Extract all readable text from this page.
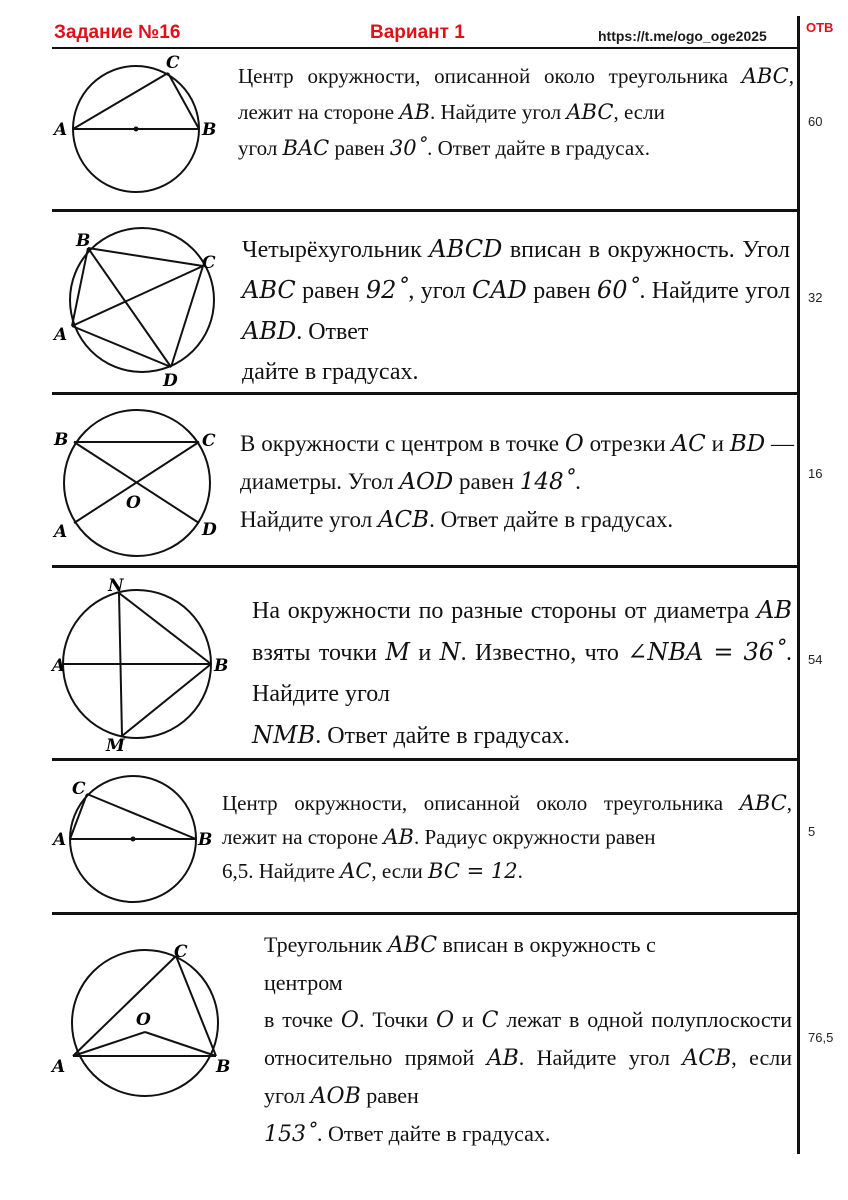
Задание №16	Вариант 1	https://t.me/ogo_oge2025
ОТВ
A	B
C

Центр окружности, описанной около треугольника ABC, лежит на стороне AB. Найдите угол ABC, если

угол BAC равен 30˚. Ответ дайте в градусах.

60
B
C
A
D

Четырёхугольник ABCD вписан в окружность. Угол ABC равен 92˚, угол CAD равен 60˚. Найдите угол ABD. Ответ

дайте в градусах.

32
B	C
A	D
O

В окружности с центром в точке O отрезки AC и BD — диаметры. Угол AOD равен 148˚.

Найдите угол ACB. Ответ дайте в градусах.

16
N
A	B
M

На окружности по разные стороны от диаметра AB взяты точки M и N. Известно, что ∠NBA = 36˚. Найдите угол

NMB. Ответ дайте в градусах.

54
C
A	B

Центр окружности, описанной около треугольника ABC, лежит на стороне AB. Радиус окружности равен

6,5. Найдите AC, если BC = 12.

5
C
O
A	B

Треугольник ABC вписан в окружность с

центром

в точке O. Точки O и C лежат в одной полуплоскости относительно прямой AB. Найдите угол ACB, если угол AOB равен

153˚. Ответ дайте в градусах.

76,5
